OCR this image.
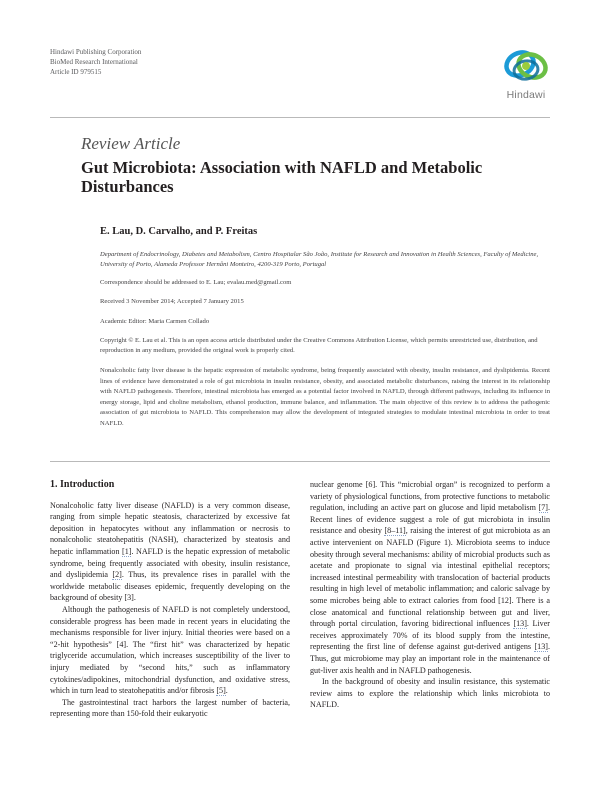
Hindawi Publishing Corporation
BioMed Research International
Article ID 979515
Hindawi
Review Article
Gut Microbiota: Association with NAFLD and Metabolic Disturbances
E. Lau, D. Carvalho, and P. Freitas
Department of Endocrinology, Diabetes and Metabolism, Centro Hospitalar São João, Institute for Research and Innovation in Health Sciences, Faculty of Medicine, University of Porto, Alameda Professor Hernâni Monteiro, 4200-319 Porto, Portugal
Correspondence should be addressed to E. Lau; evalau.med@gmail.com
Received 3 November 2014; Accepted 7 January 2015
Academic Editor: Maria Carmen Collado
Copyright © E. Lau et al. This is an open access article distributed under the Creative Commons Attribution License, which permits unrestricted use, distribution, and reproduction in any medium, provided the original work is properly cited.
Nonalcoholic fatty liver disease is the hepatic expression of metabolic syndrome, being frequently associated with obesity, insulin resistance, and dyslipidemia. Recent lines of evidence have demonstrated a role of gut microbiota in insulin resistance, obesity, and associated metabolic disturbances, raising the interest in its relationship with NAFLD pathogenesis. Therefore, intestinal microbiota has emerged as a potential factor involved in NAFLD, through different pathways, including its influence in energy storage, lipid and choline metabolism, ethanol production, immune balance, and inflammation. The main objective of this review is to address the pathogenic association of gut microbiota to NAFLD. This comprehension may allow the development of integrated strategies to modulate intestinal microbiota in order to treat NAFLD.
1. Introduction

Nonalcoholic fatty liver disease (NAFLD) is a very common disease, ranging from simple hepatic steatosis, characterized by excessive fat deposition in hepatocytes without any inflammation or necrosis to nonalcoholic steatohepatitis (NASH), characterized by steatosis and hepatic inflammation [1]. NAFLD is the hepatic expression of metabolic syndrome, being frequently associated with obesity, insulin resistance, and dyslipidemia [2]. Thus, its prevalence rises in parallel with the worldwide metabolic diseases epidemic, frequently developing on the background of obesity [3].

Although the pathogenesis of NAFLD is not completely understood, considerable progress has been made in recent years in elucidating the mechanisms responsible for liver injury. Initial theories were based on a “2-hit hypothesis” [4]. The “first hit” was characterized by hepatic triglyceride accumulation, which increases susceptibility of the liver to injury mediated by “second hits,” such as inflammatory cytokines/adipokines, mitochondrial dysfunction, and oxidative stress, which in turn lead to steatohepatitis and/or fibrosis [5].

The gastrointestinal tract harbors the largest number of bacteria, representing more than 150-fold their eukaryotic

nuclear genome [6]. This “microbial organ” is recognized to perform a variety of physiological functions, from protective functions to metabolic regulation, including an active part on glucose and lipid metabolism [7]. Recent lines of evidence suggest a role of gut microbiota in insulin resistance and obesity [8–11], raising the interest of gut microbiota as an active intervenient on NAFLD (Figure 1). Microbiota seems to induce obesity through several mechanisms: ability of microbial products such as acetate and propionate to signal via intestinal epithelial receptors; increased intestinal permeability with translocation of bacterial products resulting in high level of metabolic inflammation; and caloric salvage by some microbes being able to extract calories from food [12]. There is a close anatomical and functional relationship between gut and liver, through portal circulation, favoring bidirectional influences [13]. Liver receives approximately 70% of its blood supply from the intestine, representing the first line of defense against gut-derived antigens [13]. Thus, gut microbiome may play an important role in the maintenance of gut-liver axis health and in NAFLD pathogenesis.

In the background of obesity and insulin resistance, this systematic review aims to explore the relationship which links microbiota to NAFLD.
